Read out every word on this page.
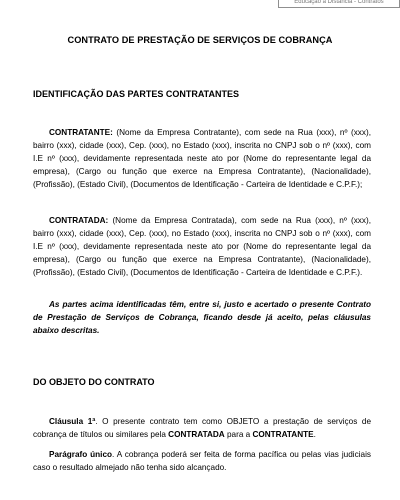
Educação à Distância - Contratos
CONTRATO DE PRESTAÇÃO DE SERVIÇOS DE COBRANÇA
IDENTIFICAÇÃO DAS PARTES CONTRATANTES

CONTRATANTE: (Nome da Empresa Contratante), com sede na Rua (xxx), nº (xxx), bairro (xxx), cidade (xxx), Cep. (xxx), no Estado (xxx), inscrita no CNPJ sob o nº (xxx), com I.E nº (xxx), devidamente representada neste ato por (Nome do representante legal da empresa), (Cargo ou função que exerce na Empresa Contratante), (Nacionalidade), (Profissão), (Estado Civil), (Documentos de Identificação - Carteira de Identidade e C.P.F.);

CONTRATADA: (Nome da Empresa Contratada), com sede na Rua (xxx), nº (xxx), bairro (xxx), cidade (xxx), Cep. (xxx), no Estado (xxx), inscrita no CNPJ sob o nº (xxx), com I.E nº (xxx), devidamente representada neste ato por (Nome do representante legal da empresa), (Cargo ou função que exerce na Empresa Contratante), (Nacionalidade), (Profissão), (Estado Civil), (Documentos de Identificação - Carteira de Identidade e C.P.F.).

As partes acima identificadas têm, entre si, justo e acertado o presente Contrato de Prestação de Serviços de Cobrança, ficando desde já aceito, pelas cláusulas abaixo descritas.

DO OBJETO DO CONTRATO

Cláusula 1ª. O presente contrato tem como OBJETO a prestação de serviços de cobrança de títulos ou similares pela CONTRATADA para a CONTRATANTE.

Parágrafo único. A cobrança poderá ser feita de forma pacífica ou pelas vias judiciais caso o resultado almejado não tenha sido alcançado.
